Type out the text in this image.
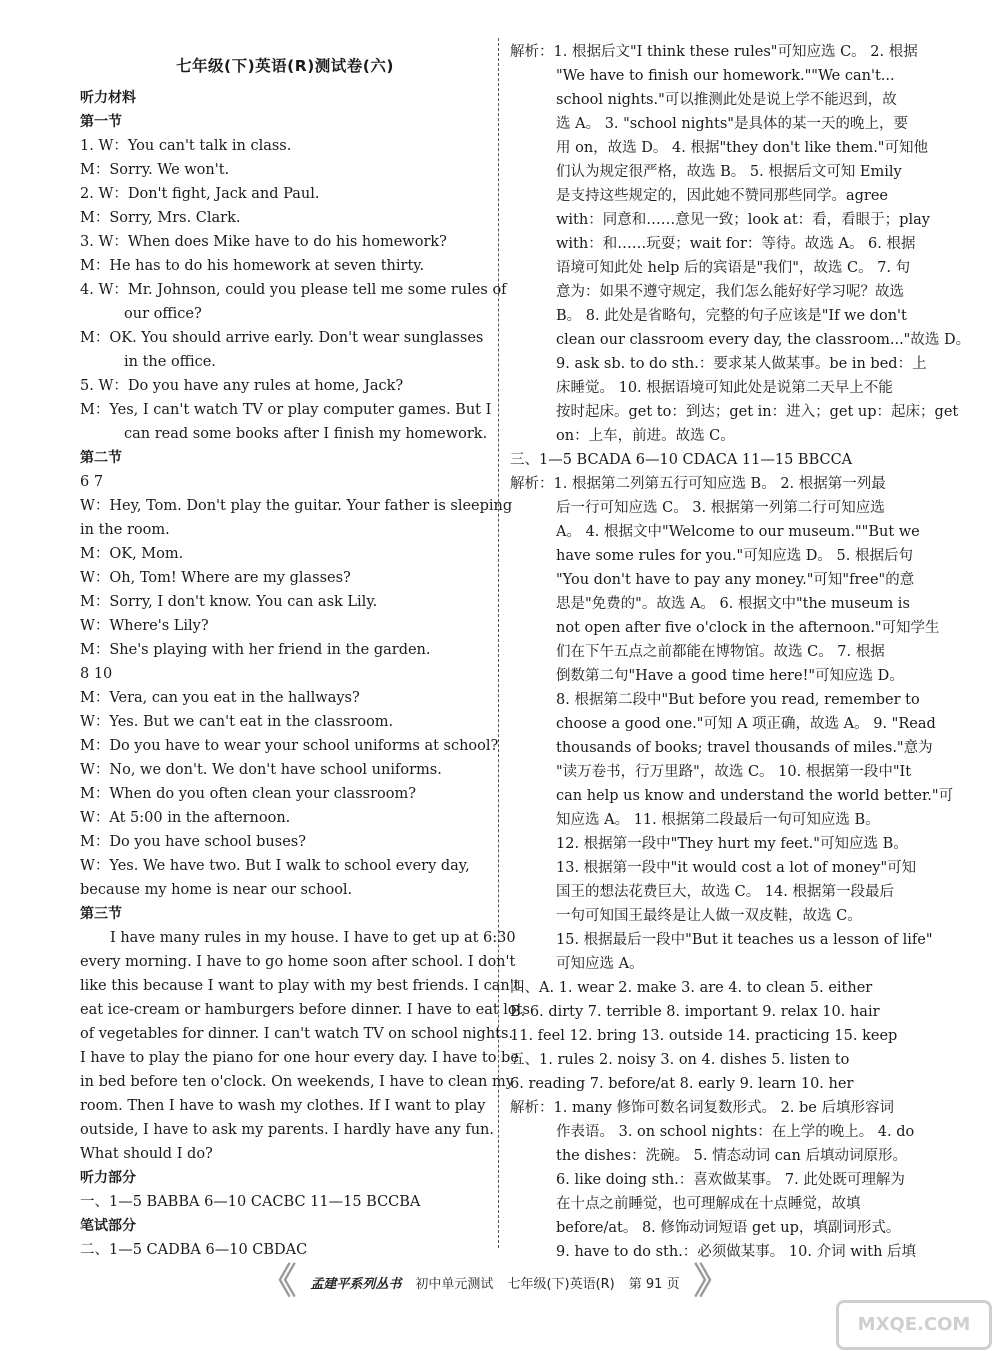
七年级(下)英语(R)测试卷(六)
听力材料
第一节
1. W：You can't talk in class.
M：Sorry. We won't.
2. W：Don't fight, Jack and Paul.
M：Sorry, Mrs. Clark.
3. W：When does Mike have to do his homework?
M：He has to do his homework at seven thirty.
4. W：Mr. Johnson, could you please tell me some rules of
our office?
M：OK. You should arrive early. Don't wear sunglasses
in the office.
5. W：Do you have any rules at home, Jack?
M：Yes, I can't watch TV or play computer games. But I
can read some books after I finish my homework.
第二节
6 7
W：Hey, Tom. Don't play the guitar. Your father is sleeping
in the room.
M：OK, Mom.
W：Oh, Tom! Where are my glasses?
M：Sorry, I don't know. You can ask Lily.
W：Where's Lily?
M：She's playing with her friend in the garden.
8 10
M：Vera, can you eat in the hallways?
W：Yes. But we can't eat in the classroom.
M：Do you have to wear your school uniforms at school?
W：No, we don't. We don't have school uniforms.
M：When do you often clean your classroom?
W：At 5:00 in the afternoon.
M：Do you have school buses?
W：Yes. We have two. But I walk to school every day,
because my home is near our school.
第三节
I have many rules in my house. I have to get up at 6:30
every morning. I have to go home soon after school. I don't
like this because I want to play with my best friends. I can't
eat ice-cream or hamburgers before dinner. I have to eat lots
of vegetables for dinner. I can't watch TV on school nights.
I have to play the piano for one hour every day. I have to be
in bed before ten o'clock. On weekends, I have to clean my
room. Then I have to wash my clothes. If I want to play
outside, I have to ask my parents. I hardly have any fun.
What should I do?
听力部分
一、1—5 BABBA 6—10 CACBC 11—15 BCCBA
笔试部分
二、1—5 CADBA 6—10 CBDAC
解析：1. 根据后文"I think these rules"可知应选 C。 2. 根据
"We have to finish our homework.""We can't...
school nights."可以推测此处是说上学不能迟到，故
选 A。 3. "school nights"是具体的某一天的晚上，要
用 on，故选 D。 4. 根据"they don't like them."可知他
们认为规定很严格，故选 B。 5. 根据后文可知 Emily
是支持这些规定的，因此她不赞同那些同学。agree
with：同意和……意见一致；look at：看，看眼于；play
with：和……玩耍；wait for：等待。故选 A。 6. 根据
语境可知此处 help 后的宾语是"我们"，故选 C。 7. 句
意为：如果不遵守规定，我们怎么能好好学习呢？故选
B。 8. 此处是省略句，完整的句子应该是"If we don't
clean our classroom every day, the classroom..."故选 D。
9. ask sb. to do sth.：要求某人做某事。be in bed：上
床睡觉。 10. 根据语境可知此处是说第二天早上不能
按时起床。get to：到达；get in：进入；get up：起床；get
on：上车，前进。故选 C。
三、1—5 BCADA 6—10 CDACA 11—15 BBCCA
解析：1. 根据第二列第五行可知应选 B。 2. 根据第一列最
后一行可知应选 C。 3. 根据第一列第二行可知应选
A。 4. 根据文中"Welcome to our museum.""But we
have some rules for you."可知应选 D。 5. 根据后句
"You don't have to pay any money."可知"free"的意
思是"免费的"。故选 A。 6. 根据文中"the museum is
not open after five o'clock in the afternoon."可知学生
们在下午五点之前都能在博物馆。故选 C。 7. 根据
倒数第二句"Have a good time here!"可知应选 D。
8. 根据第二段中"But before you read, remember to
choose a good one."可知 A 项正确，故选 A。 9. "Read
thousands of books; travel thousands of miles."意为
"读万卷书，行万里路"，故选 C。 10. 根据第一段中"It
can help us know and understand the world better."可
知应选 A。 11. 根据第二段最后一句可知应选 B。
12. 根据第一段中"They hurt my feet."可知应选 B。
13. 根据第一段中"it would cost a lot of money"可知
国王的想法花费巨大，故选 C。 14. 根据第一段最后
一句可知国王最终是让人做一双皮鞋，故选 C。
15. 根据最后一段中"But it teaches us a lesson of life"
可知应选 A。
四、A. 1. wear 2. make 3. are 4. to clean 5. either
B. 6. dirty 7. terrible 8. important 9. relax 10. hair
11. feel 12. bring 13. outside 14. practicing 15. keep
五、1. rules 2. noisy 3. on 4. dishes 5. listen to
6. reading 7. before/at 8. early 9. learn 10. her
解析：1. many 修饰可数名词复数形式。 2. be 后填形容词
作表语。 3. on school nights：在上学的晚上。 4. do
the dishes：洗碗。 5. 情态动词 can 后填动词原形。
6. like doing sth.：喜欢做某事。 7. 此处既可理解为
在十点之前睡觉，也可理解成在十点睡觉，故填
before/at。 8. 修饰动词短语 get up，填副词形式。
9. have to do sth.：必须做某事。 10. 介词 with 后填
《 孟建平系列丛书 初中单元测试 七年级(下)英语(R) 第 91 页 》
MXQE.COM
